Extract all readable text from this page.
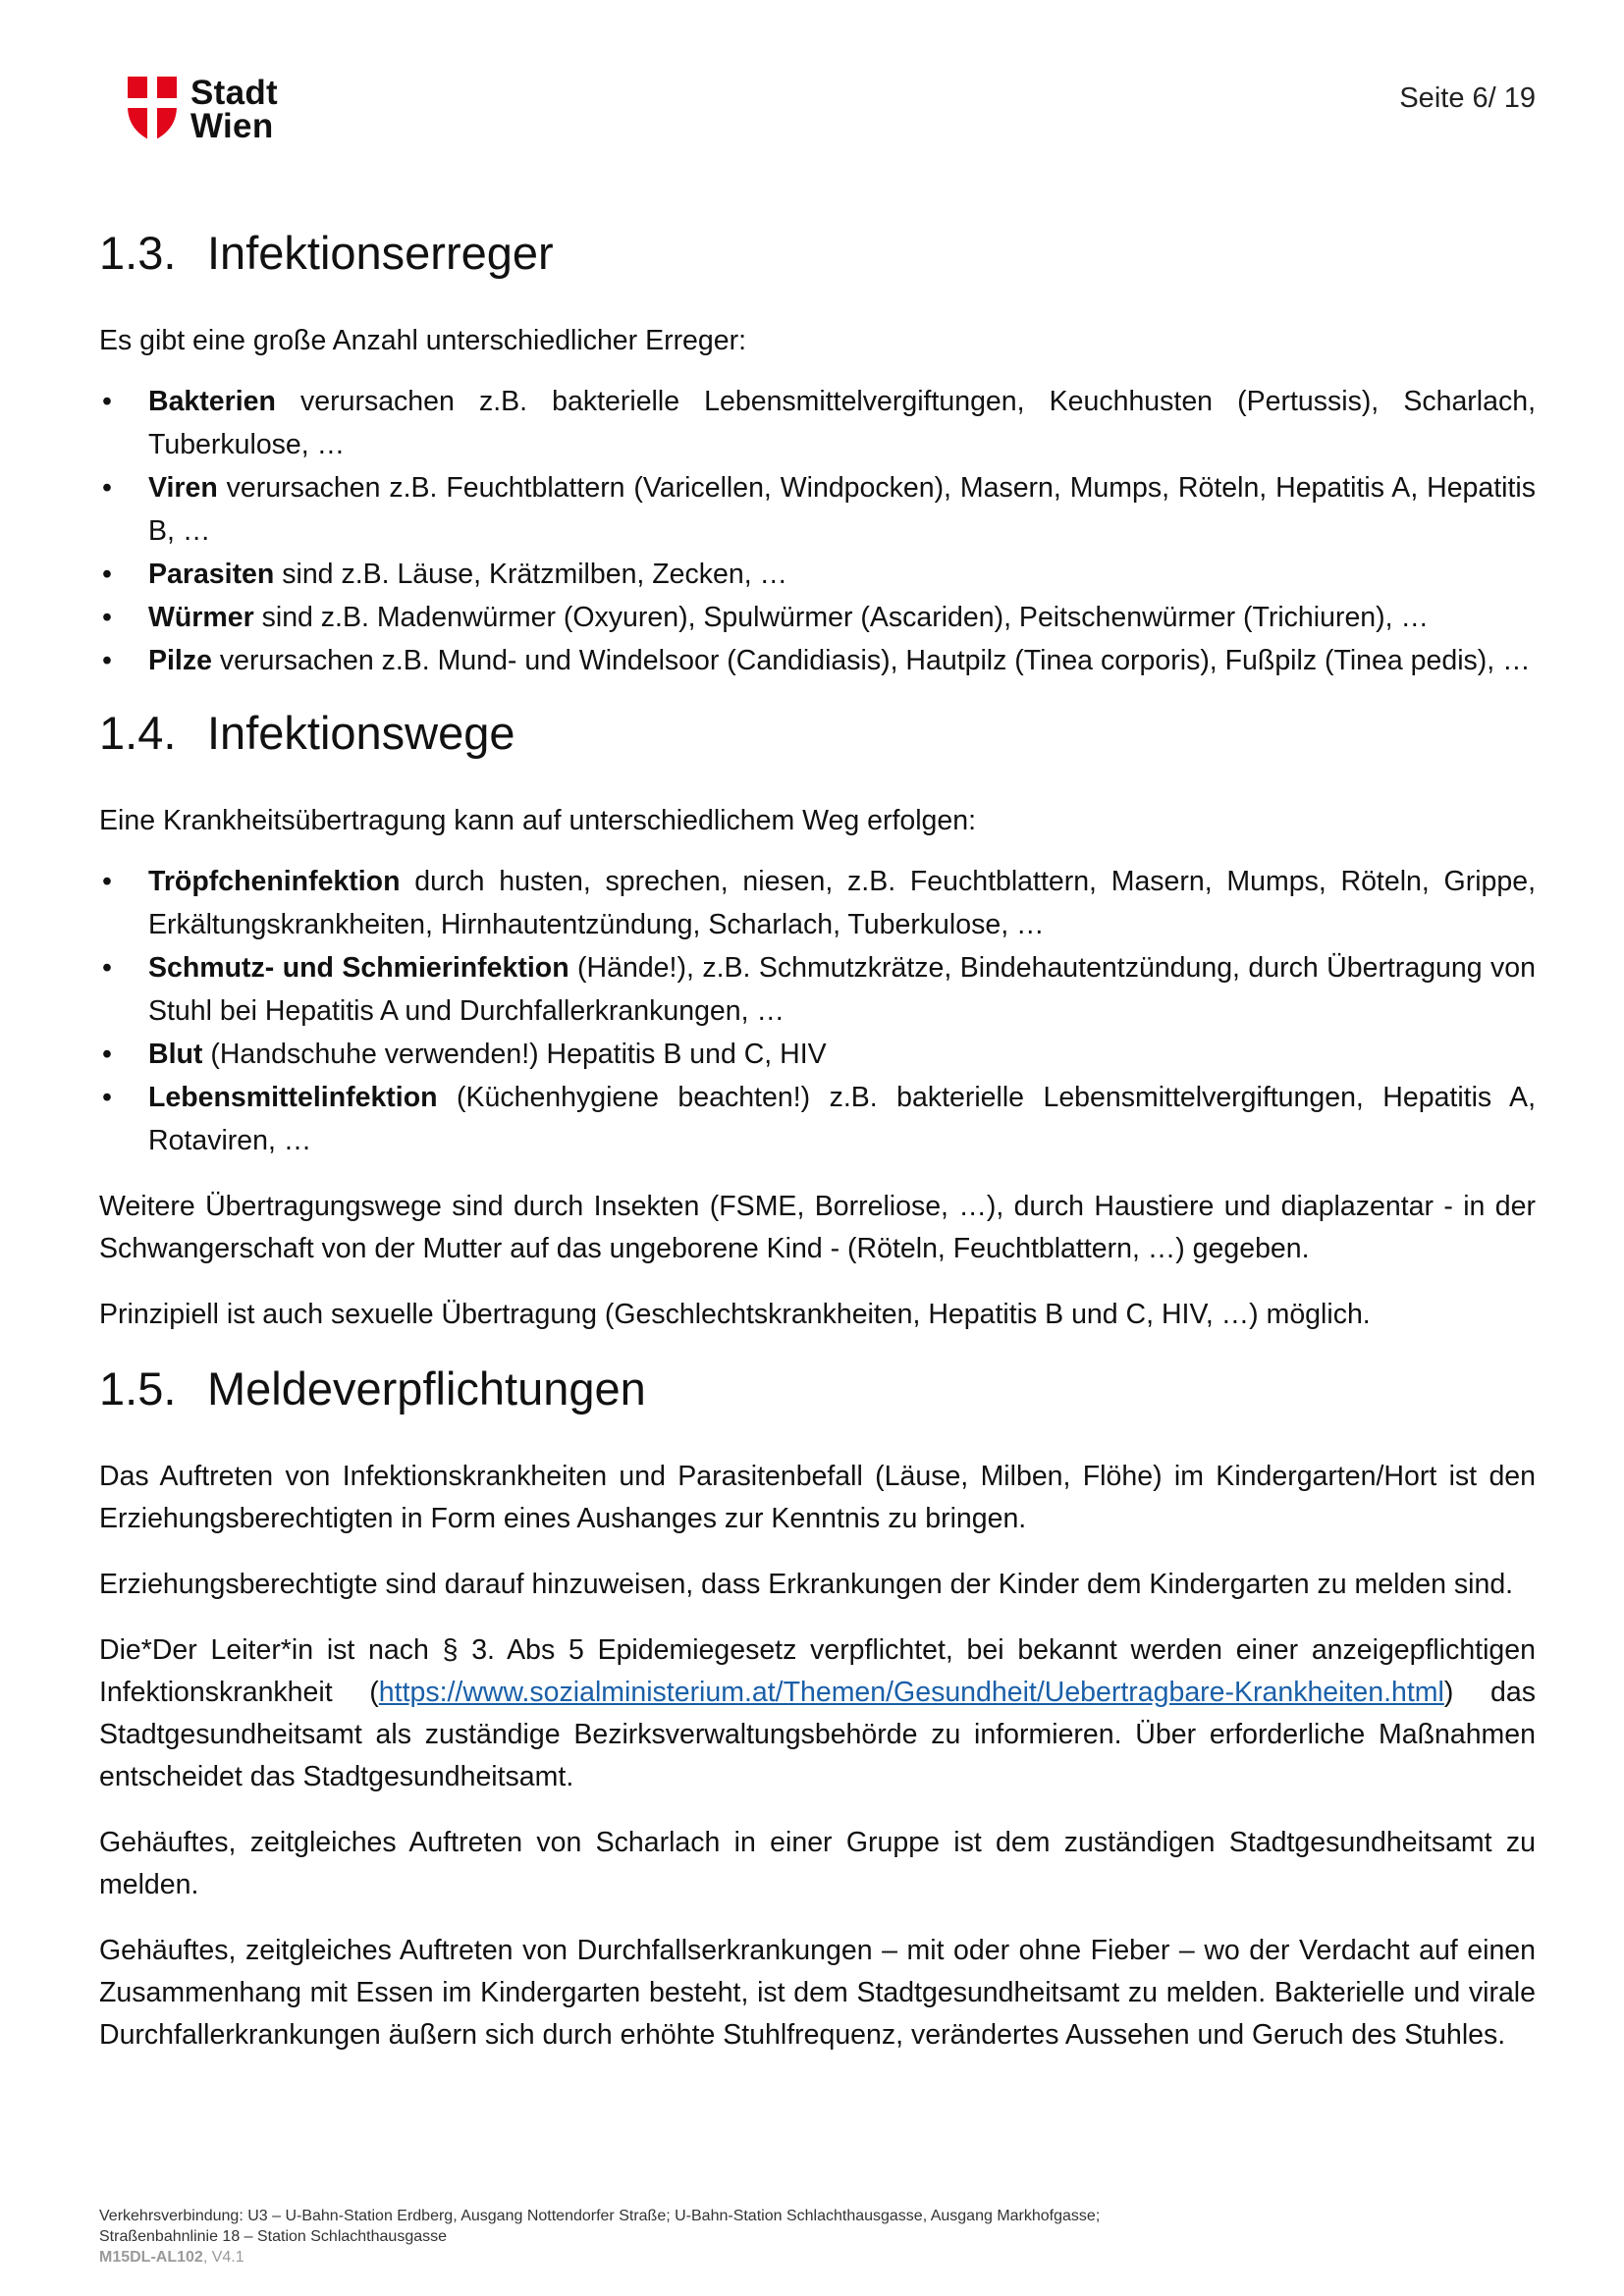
Stadt
Wien
Seite 6/ 19
1.3. Infektionserreger

Es gibt eine große Anzahl unterschiedlicher Erreger:

• Bakterien verursachen z.B. bakterielle Lebensmittelvergiftungen, Keuchhusten (Pertussis), Scharlach, Tuberkulose, …
• Viren verursachen z.B. Feuchtblattern (Varicellen, Windpocken), Masern, Mumps, Röteln, Hepatitis A, Hepatitis B, …
• Parasiten sind z.B. Läuse, Krätzmilben, Zecken, …
• Würmer sind z.B. Madenwürmer (Oxyuren), Spulwürmer (Ascariden), Peitschenwürmer (Trichiuren), …
• Pilze verursachen z.B. Mund- und Windelsoor (Candidiasis), Hautpilz (Tinea corporis), Fußpilz (Tinea pedis), …
1.4. Infektionswege

Eine Krankheitsübertragung kann auf unterschiedlichem Weg erfolgen:

• Tröpfcheninfektion durch husten, sprechen, niesen, z.B. Feuchtblattern, Masern, Mumps, Röteln, Grippe, Erkältungskrankheiten, Hirnhautentzündung, Scharlach, Tuberkulose, …
• Schmutz- und Schmierinfektion (Hände!), z.B. Schmutzkrätze, Bindehautentzündung, durch Übertragung von Stuhl bei Hepatitis A und Durchfallerkrankungen, …
• Blut (Handschuhe verwenden!) Hepatitis B und C, HIV
• Lebensmittelinfektion (Küchenhygiene beachten!) z.B. bakterielle Lebensmittelvergiftungen, Hepatitis A, Rotaviren, …

Weitere Übertragungswege sind durch Insekten (FSME, Borreliose, …), durch Haustiere und diaplazentar - in der Schwangerschaft von der Mutter auf das ungeborene Kind - (Röteln, Feuchtblattern, …) gegeben.

Prinzipiell ist auch sexuelle Übertragung (Geschlechtskrankheiten, Hepatitis B und C, HIV, …) möglich.

1.5. Meldeverpflichtungen

Das Auftreten von Infektionskrankheiten und Parasitenbefall (Läuse, Milben, Flöhe) im Kindergarten/Hort ist den Erziehungsberechtigten in Form eines Aushanges zur Kenntnis zu bringen.

Erziehungsberechtigte sind darauf hinzuweisen, dass Erkrankungen der Kinder dem Kindergarten zu melden sind.

Die*Der Leiter*in ist nach § 3. Abs 5 Epidemiegesetz verpflichtet, bei bekannt werden einer anzeigepflichtigen Infektionskrankheit (https://www.sozialministerium.at/Themen/Gesundheit/Uebertragbare-Krankheiten.html) das Stadtgesundheitsamt als zuständige Bezirksverwaltungsbehörde zu informieren. Über erforderliche Maßnahmen entscheidet das Stadtgesundheitsamt.

Gehäuftes, zeitgleiches Auftreten von Scharlach in einer Gruppe ist dem zuständigen Stadtgesundheitsamt zu melden.

Gehäuftes, zeitgleiches Auftreten von Durchfallserkrankungen – mit oder ohne Fieber – wo der Verdacht auf einen Zusammenhang mit Essen im Kindergarten besteht, ist dem Stadtgesundheitsamt zu melden. Bakterielle und virale Durchfallerkrankungen äußern sich durch erhöhte Stuhlfrequenz, verändertes Aussehen und Geruch des Stuhles.

Verkehrsverbindung: U3 – U-Bahn-Station Erdberg, Ausgang Nottendorfer Straße; U-Bahn-Station Schlachthausgasse, Ausgang Markhofgasse;
Straßenbahnlinie 18 – Station Schlachthausgasse
M15DL-AL102, V4.1
